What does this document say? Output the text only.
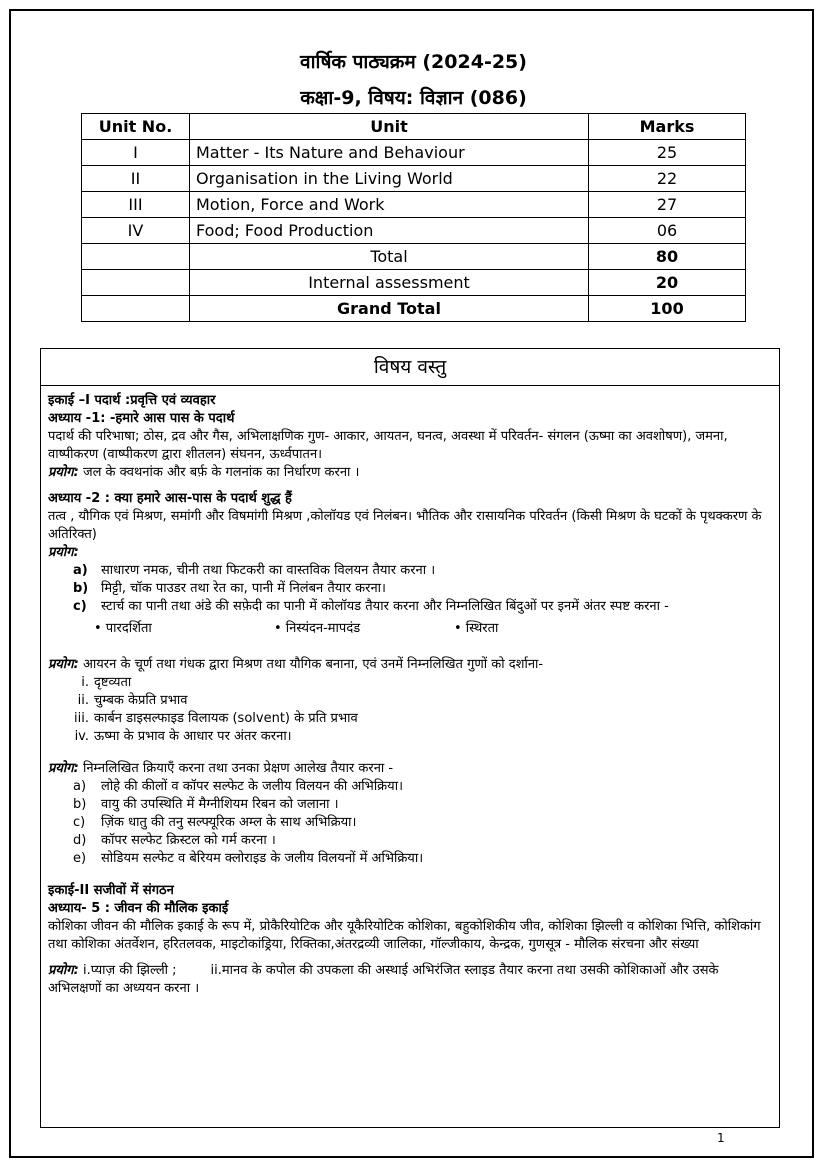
वार्षिक पाठ्यक्रम (2024-25)
कक्षा-9, विषय: विज्ञान (086)
Unit No.	Unit	Marks
I	Matter - Its Nature and Behaviour	25
II	Organisation in the Living World	22
III	Motion, Force and Work	27
IV	Food; Food Production	06
	Total	80
	Internal assessment	20
	Grand Total	100
विषय वस्तु
इकाई –I पदार्थ :प्रवृत्ति एवं व्यवहार
अध्याय -1: -हमारे आस पास के पदार्थ
पदार्थ की परिभाषा; ठोस, द्रव और गैस, अभिलाक्षणिक गुण- आकार, आयतन, घनत्व, अवस्था में परिवर्तन- संगलन (ऊष्मा का अवशोषण), जमना, वाष्पीकरण (वाष्पीकरण द्वारा शीतलन) संघनन, ऊर्ध्वपातन।
प्रयोग: जल के क्वथनांक और बर्फ़ के गलनांक का निर्धारण करना ।
अध्याय -2 : क्या हमारे आस-पास के पदार्थ शुद्ध हैं
तत्व , यौगिक एवं मिश्रण, समांगी और विषमांगी मिश्रण ,कोलॉयड एवं निलंबन। भौतिक और रासायनिक परिवर्तन (किसी मिश्रण के घटकों के पृथक्करण के अतिरिक्त)
प्रयोग:
a)	साधारण नमक, चीनी तथा फिटकरी का वास्तविक विलयन तैयार करना ।
b) मिट्टी, चॉक पाउडर तथा रेत का, पानी में निलंबन तैयार करना।
c)	स्टार्च का पानी तथा अंडे की सफ़ेदी का पानी में कोलॉयड तैयार करना और निम्नलिखित बिंदुओं पर इनमें अंतर स्पष्ट करना -
• पारदर्शिता	• निस्यंदन-मापदंड	• स्थिरता
प्रयोग: आयरन के चूर्ण तथा गंधक द्वारा मिश्रण तथा यौगिक बनाना, एवं उनमें निम्नलिखित गुणों को दर्शाना-
i. दृष्टव्यता
ii. चुम्बक केप्रति प्रभाव
iii. कार्बन डाइसल्फाइड विलायक (solvent) के प्रति प्रभाव
iv. ऊष्मा के प्रभाव के आधार पर अंतर करना।
प्रयोग: निम्नलिखित क्रियाएँ करना तथा उनका प्रेक्षण आलेख तैयार करना -
a)	लोहे की कीलों व कॉपर सल्फेट के जलीय विलयन की अभिक्रिया।
b)	वायु की उपस्थिति में मैग्नीशियम रिबन को जलाना ।
c)	ज़िंक धातु की तनु सल्फ्यूरिक अम्ल के साथ अभिक्रिया।
d)	कॉपर सल्फेट क्रिस्टल को गर्म करना ।
e)	सोडियम सल्फेट व बेरियम क्लोराइड के जलीय विलयनों में अभिक्रिया।
इकाई-II सजीवों में संगठन
अध्याय- 5 : जीवन की मौलिक इकाई
कोशिका जीवन की मौलिक इकाई के रूप में, प्रोकैरियोटिक और यूकैरियोटिक कोशिका, बहुकोशिकीय जीव, कोशिका झिल्ली व कोशिका भित्ति, कोशिकांग तथा कोशिका अंतर्वेशन, हरितलवक, माइटोकांड्रिया, रिक्तिका,अंतरद्रव्यी जालिका, गॉल्जीकाय, केन्द्रक, गुणसूत्र - मौलिक संरचना और संख्या
प्रयोग: i.प्याज़ की झिल्ली ;	ii.मानव के कपोल की उपकला की अस्थाई अभिरंजित स्लाइड तैयार करना तथा उसकी कोशिकाओं और उसके अभिलक्षणों का अध्ययन करना ।
1
